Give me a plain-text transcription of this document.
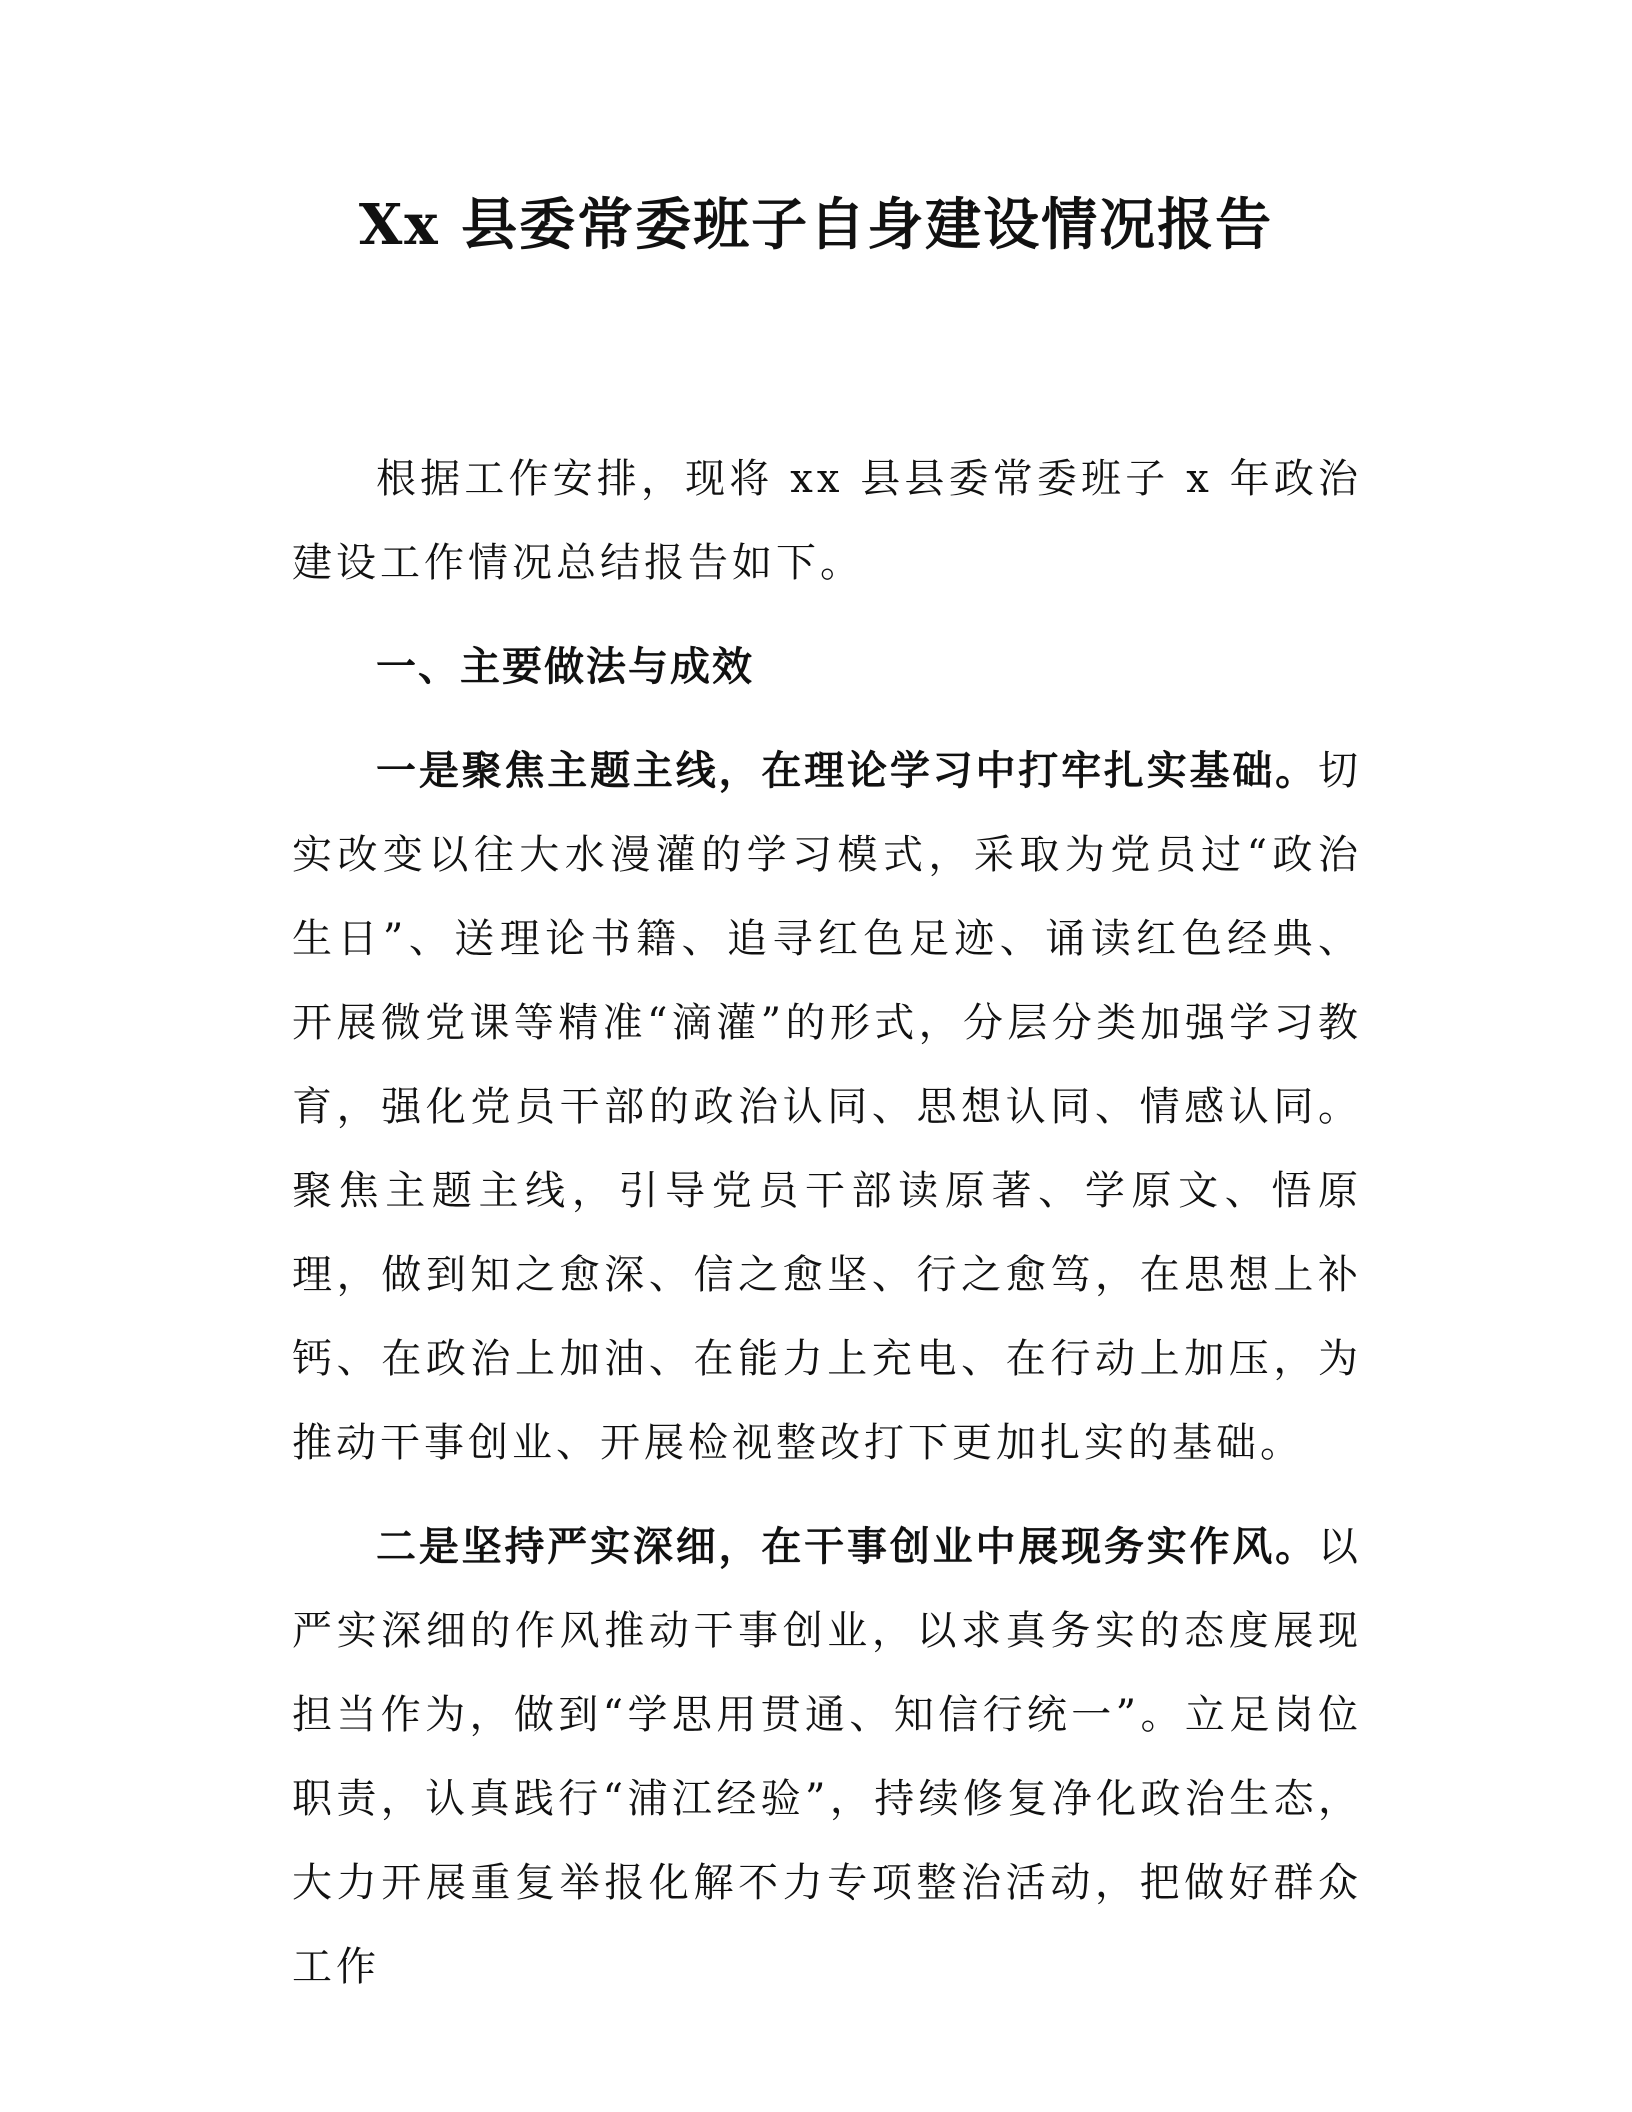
Xx 县委常委班子自身建设情况报告

根据工作安排，现将 xx 县县委常委班子 x 年政治建设工作情况总结报告如下。

一、主要做法与成效

一是聚焦主题主线，在理论学习中打牢扎实基础。切实改变以往大水漫灌的学习模式，采取为党员过“政治生日”、送理论书籍、追寻红色足迹、诵读红色经典、开展微党课等精准“滴灌”的形式，分层分类加强学习教育，强化党员干部的政治认同、思想认同、情感认同。聚焦主题主线，引导党员干部读原著、学原文、悟原理，做到知之愈深、信之愈坚、行之愈笃，在思想上补钙、在政治上加油、在能力上充电、在行动上加压，为推动干事创业、开展检视整改打下更加扎实的基础。

二是坚持严实深细，在干事创业中展现务实作风。以严实深细的作风推动干事创业，以求真务实的态度展现担当作为，做到“学思用贯通、知信行统一”。立足岗位职责，认真践行“浦江经验”，持续修复净化政治生态，大力开展重复举报化解不力专项整治活动，把做好群众工作
